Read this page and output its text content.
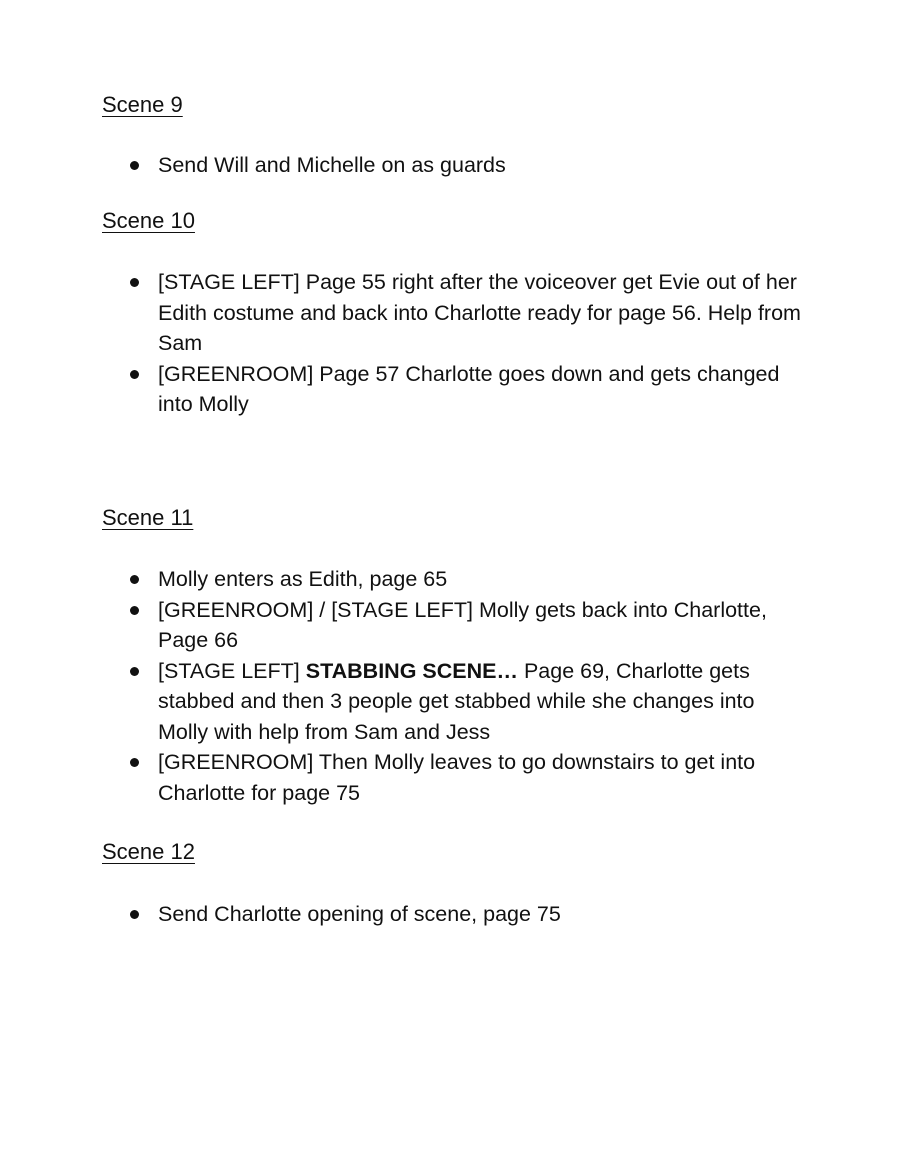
Scene 9
Send Will and Michelle on as guards
Scene 10
[STAGE LEFT] Page 55 right after the voiceover get Evie out of her Edith costume and back into Charlotte ready for page 56. Help from Sam
[GREENROOM] Page 57 Charlotte goes down and gets changed into Molly
Scene 11
Molly enters as Edith, page 65
[GREENROOM] / [STAGE LEFT] Molly gets back into Charlotte, Page 66
[STAGE LEFT] STABBING SCENE… Page 69, Charlotte gets stabbed and then 3 people get stabbed while she changes into Molly with help from Sam and Jess
[GREENROOM] Then Molly leaves to go downstairs to get into Charlotte for page 75
Scene 12
Send Charlotte opening of scene, page 75
